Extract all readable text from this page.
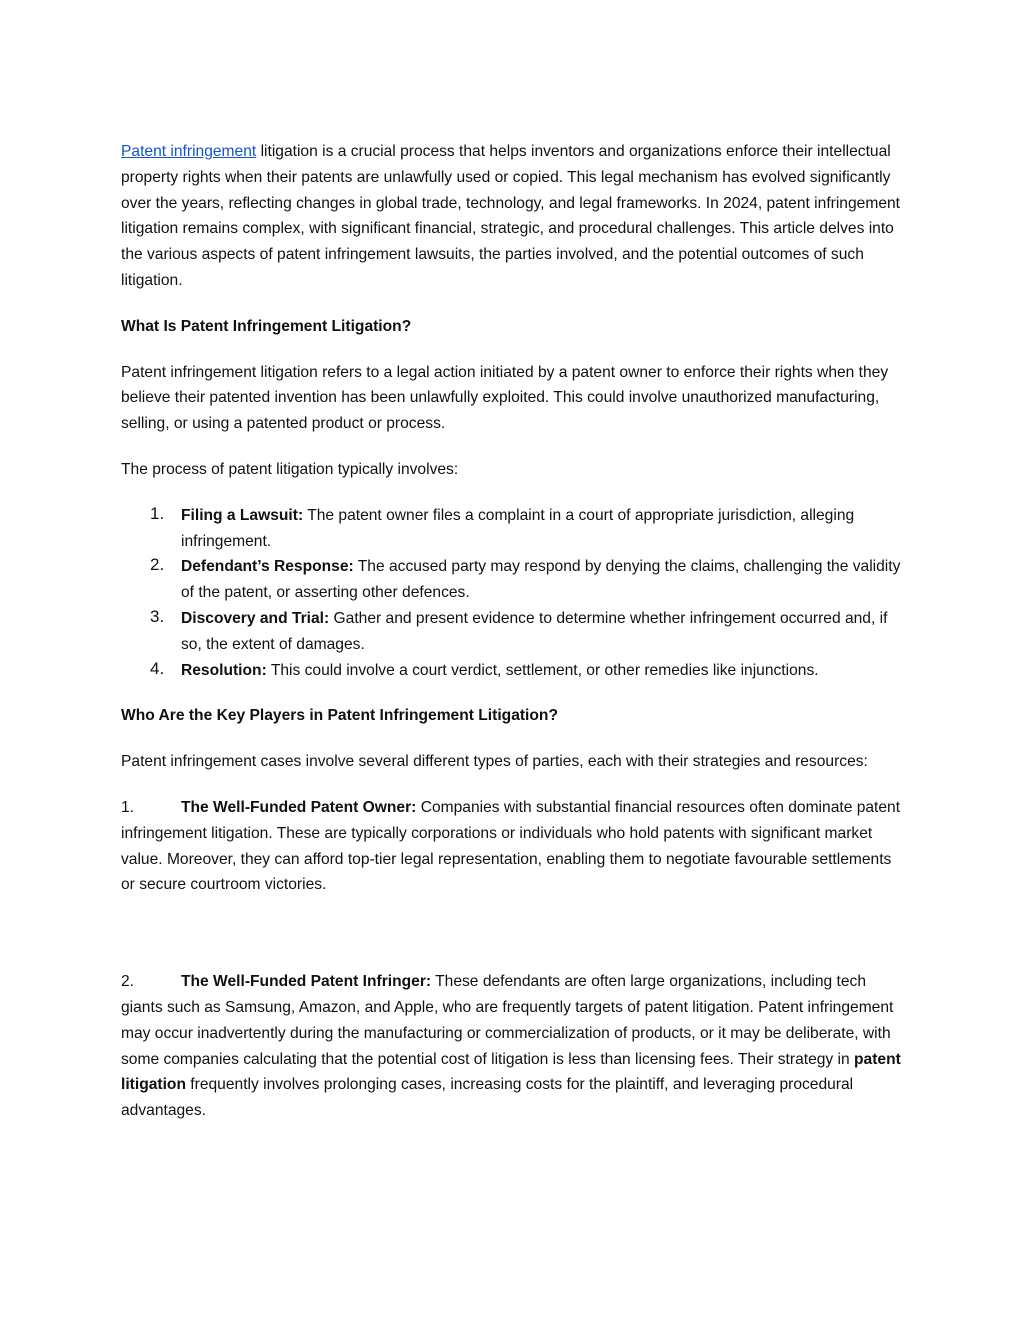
Patent infringement litigation is a crucial process that helps inventors and organizations enforce their intellectual property rights when their patents are unlawfully used or copied. This legal mechanism has evolved significantly over the years, reflecting changes in global trade, technology, and legal frameworks. In 2024, patent infringement litigation remains complex, with significant financial, strategic, and procedural challenges. This article delves into the various aspects of patent infringement lawsuits, the parties involved, and the potential outcomes of such litigation.

What Is Patent Infringement Litigation?

Patent infringement litigation refers to a legal action initiated by a patent owner to enforce their rights when they believe their patented invention has been unlawfully exploited. This could involve unauthorized manufacturing, selling, or using a patented product or process.

The process of patent litigation typically involves:

1. Filing a Lawsuit: The patent owner files a complaint in a court of appropriate jurisdiction, alleging infringement.
2. Defendant’s Response: The accused party may respond by denying the claims, challenging the validity of the patent, or asserting other defences.
3. Discovery and Trial: Gather and present evidence to determine whether infringement occurred and, if so, the extent of damages.
4. Resolution: This could involve a court verdict, settlement, or other remedies like injunctions.

Who Are the Key Players in Patent Infringement Litigation?

Patent infringement cases involve several different types of parties, each with their strategies and resources:

1.	The Well-Funded Patent Owner: Companies with substantial financial resources often dominate patent infringement litigation. These are typically corporations or individuals who hold patents with significant market value. Moreover, they can afford top-tier legal representation, enabling them to negotiate favourable settlements or secure courtroom victories.

2.	The Well-Funded Patent Infringer: These defendants are often large organizations, including tech giants such as Samsung, Amazon, and Apple, who are frequently targets of patent litigation. Patent infringement may occur inadvertently during the manufacturing or commercialization of products, or it may be deliberate, with some companies calculating that the potential cost of litigation is less than licensing fees. Their strategy in patent litigation frequently involves prolonging cases, increasing costs for the plaintiff, and leveraging procedural advantages.
